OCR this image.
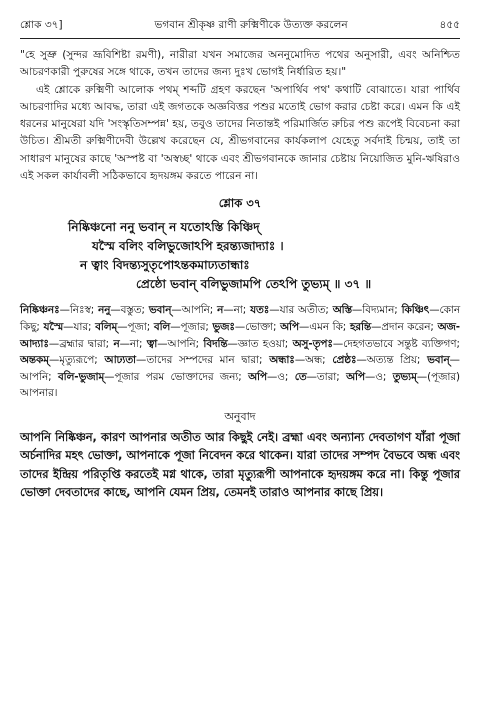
শ্লোক ৩৭]	ভগবান শ্রীকৃষ্ণ রাণী রুক্মিণীকে উত্যক্ত করলেন	৪৫৫

"হে সুভ্রু (সুন্দর ভ্রূবিশিষ্টা রমণী), নারীরা যখন সমাজের অননুমোদিত পথের অনুসারী, এবং অনিশ্চিত আচরণকারী পুরুষের সঙ্গে থাকে, তখন তাদের জন্য দুঃখ ভোগই নির্ধারিত হয়।"

এই শ্লোকে রুক্মিণী আলোক পথম্ শব্দটি গ্রহণ করছেন 'অপার্থিব পথ' কথাটি বোঝাতে। যারা পার্থিব আচরণাদির মধ্যে আবদ্ধ, তারা এই জগতকে অজ্ঞবিত্তর পশুর মতোই ভোগ করার চেষ্টা করে। এমন কি এই ধরনের মানুষেরা যদি 'সংস্কৃতিসম্পন্ন' হয়, তবুও তাদের নিতান্তই পরিমার্জিত রুচির পশু রূপেই বিবেচনা করা উচিত। শ্রীমতী রুক্মিণীদেবী উল্লেখ করেছেন যে, শ্রীভগবানের কার্যকলাপ যেহেতু সর্বদাই চিন্ময়, তাই তা সাধারণ মানুষের কাছে 'অস্পষ্ট বা 'অস্বচ্ছ' থাকে এবং শ্রীভগবানকে জানার চেষ্টায় নিয়োজিত মুনি-ঋষিরাও এই সকল কার্যাবলী সঠিকভাবে হৃদয়ঙ্গম করতে পারেন না।

শ্লোক ৩৭
নিষ্কিঞ্চনো ননু ভবান্ ন যতোঽস্তি কিঞ্চিদ্
যস্মৈ বলিং বলিভুজোঽপি হরন্ত্যজাদ্যাঃ ।
ন ত্বাং বিদন্ত্যসুতৃপোঽন্তকমাঢ্যতান্ধাঃ
প্রেষ্ঠো ভবান্ বলিভুজামপি তেঽপি তুভ্যম্ ॥ ৩৭ ॥
নিষ্কিঞ্চনঃ—নিঃস্ব; ননু—বস্তুত; ভবান্—আপনি; ন—না; যতঃ—যার অতীত; অস্তি—বিদ্যমান; কিঞ্চিৎ—কোন কিছু; যস্মৈ—যার; বলিম্—পূজা; বলি—পূজার; ভুজঃ—ভোক্তা; অপি—এমন কি; হরন্তি—প্রদান করেন; অজ-আদ্যাঃ—ব্রহ্মার দ্বারা; ন—না; ত্বা—আপনি; বিদন্তি—জ্ঞাত হওয়া; অসু-তৃপঃ—দেহগতভাবে সন্তুষ্ট ব্যক্তিগণ; অন্তকম্—মৃত্যুরূপে; আঢ্যতা—তাদের সম্পদের মান দ্বারা; অন্ধাঃ—অন্ধ; প্রেষ্ঠঃ—অত্যন্ত প্রিয়; ভবান্—আপনি; বলি-ভুজাম্—পূজার পরম ভোক্তাদের জন্য; অপি—ও; তে—তারা; অপি—ও; তুভ্যম্—(পূজার) আপনার।
অনুবাদ
আপনি নিষ্কিঞ্চন, কারণ আপনার অতীত আর কিছুই নেই। ব্রহ্মা এবং অন্যান্য দেবতাগণ যাঁরা পূজা অর্চনাদির মহৎ ভোক্তা, আপনাকে পূজা নিবেদন করে থাকেন। যারা তাদের সম্পদ বৈভবে অন্ধ এবং তাদের ইন্দ্রিয় পরিতৃপ্তি করতেই মগ্ন থাকে, তারা মৃত্যুরূপী আপনাকে হৃদয়ঙ্গম করে না। কিন্তু পূজার ভোক্তা দেবতাদের কাছে, আপনি যেমন প্রিয়, তেমনই তারাও আপনার কাছে প্রিয়।
